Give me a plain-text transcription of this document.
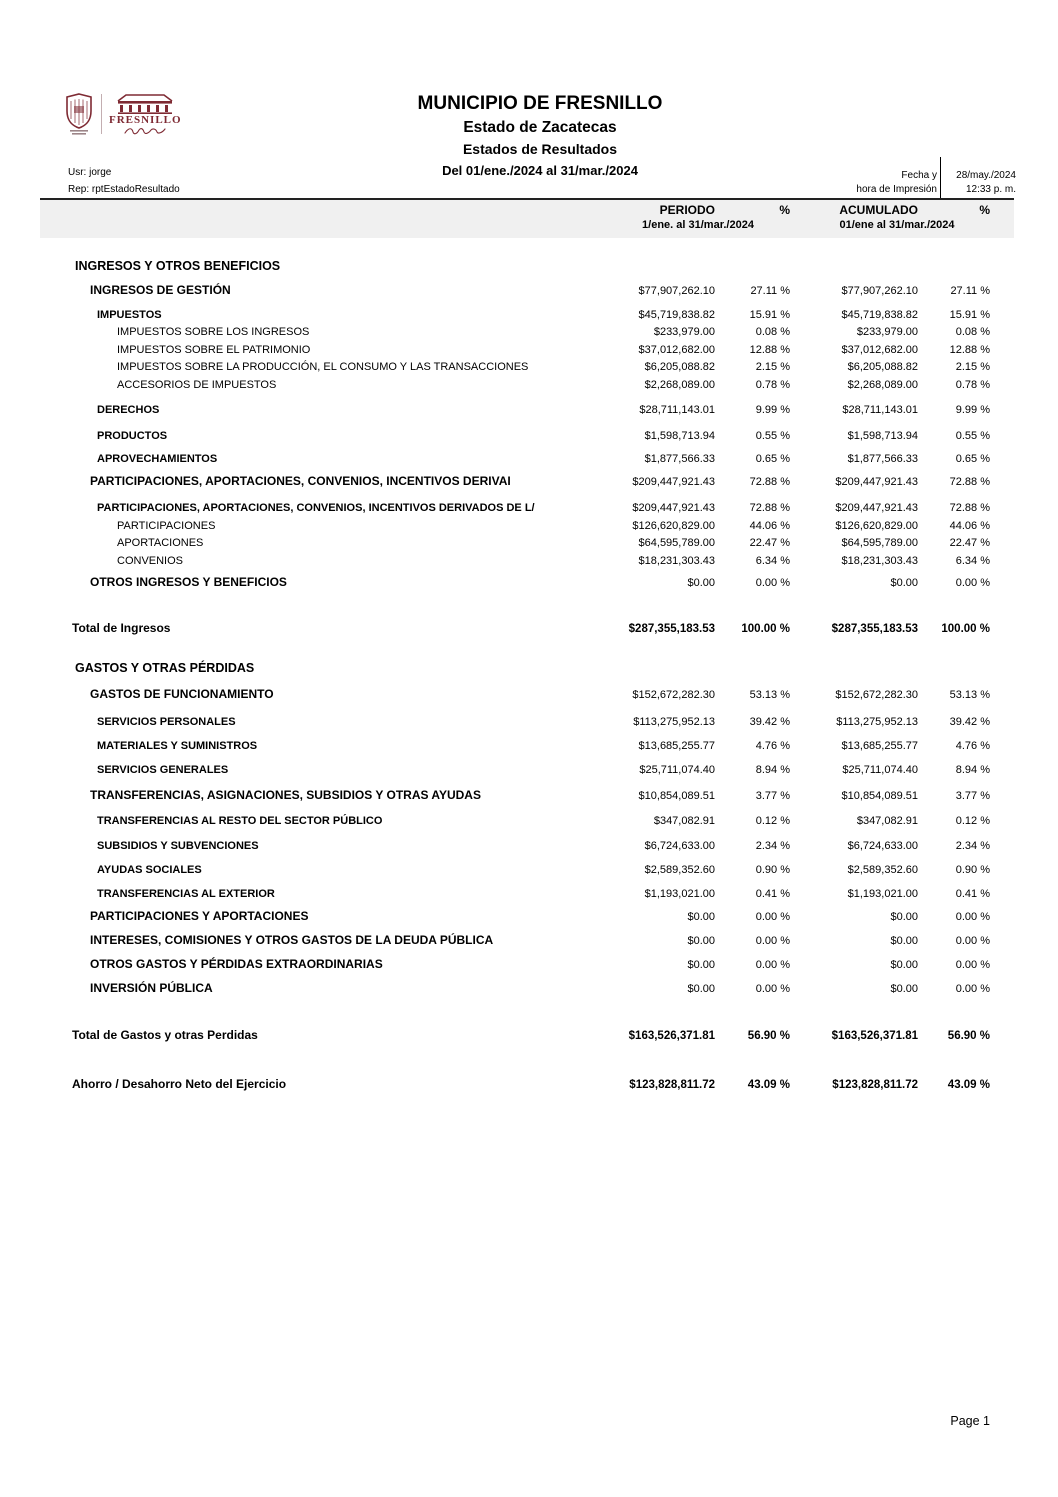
FRESNILLO
MUNICIPIO DE FRESNILLO
Estado de Zacatecas
Estados de Resultados
Del 01/ene./2024 al 31/mar./2024
Usr: jorge
Rep: rptEstadoResultado
Fecha y
hora de Impresión
28/may./2024
12:33 p. m.
PERIODO	%	ACUMULADO	%
1/ene. al 31/mar./2024	01/ene al 31/mar./2024
INGRESOS Y OTROS BENEFICIOS
INGRESOS DE GESTIÓN	$77,907,262.10	27.11 %	$77,907,262.10	27.11 %
IMPUESTOS	$45,719,838.82	15.91 %	$45,719,838.82	15.91 %
IMPUESTOS SOBRE LOS INGRESOS	$233,979.00	0.08 %	$233,979.00	0.08 %
IMPUESTOS SOBRE EL PATRIMONIO	$37,012,682.00	12.88 %	$37,012,682.00	12.88 %
IMPUESTOS SOBRE LA PRODUCCIÓN, EL CONSUMO Y LAS TRANSACCIONES	$6,205,088.82	2.15 %	$6,205,088.82	2.15 %
ACCESORIOS DE IMPUESTOS	$2,268,089.00	0.78 %	$2,268,089.00	0.78 %
DERECHOS	$28,711,143.01	9.99 %	$28,711,143.01	9.99 %
PRODUCTOS	$1,598,713.94	0.55 %	$1,598,713.94	0.55 %
APROVECHAMIENTOS	$1,877,566.33	0.65 %	$1,877,566.33	0.65 %
PARTICIPACIONES, APORTACIONES, CONVENIOS, INCENTIVOS DERIVAI	$209,447,921.43	72.88 %	$209,447,921.43	72.88 %
PARTICIPACIONES, APORTACIONES, CONVENIOS, INCENTIVOS DERIVADOS DE L/	$209,447,921.43	72.88 %	$209,447,921.43	72.88 %
PARTICIPACIONES	$126,620,829.00	44.06 %	$126,620,829.00	44.06 %
APORTACIONES	$64,595,789.00	22.47 %	$64,595,789.00	22.47 %
CONVENIOS	$18,231,303.43	6.34 %	$18,231,303.43	6.34 %
OTROS INGRESOS Y BENEFICIOS	$0.00	0.00 %	$0.00	0.00 %
Total de Ingresos	$287,355,183.53	100.00 %	$287,355,183.53	100.00 %
GASTOS Y OTRAS PÉRDIDAS
GASTOS DE FUNCIONAMIENTO	$152,672,282.30	53.13 %	$152,672,282.30	53.13 %
SERVICIOS PERSONALES	$113,275,952.13	39.42 %	$113,275,952.13	39.42 %
MATERIALES Y SUMINISTROS	$13,685,255.77	4.76 %	$13,685,255.77	4.76 %
SERVICIOS GENERALES	$25,711,074.40	8.94 %	$25,711,074.40	8.94 %
TRANSFERENCIAS, ASIGNACIONES, SUBSIDIOS Y OTRAS AYUDAS	$10,854,089.51	3.77 %	$10,854,089.51	3.77 %
TRANSFERENCIAS AL RESTO DEL SECTOR PÚBLICO	$347,082.91	0.12 %	$347,082.91	0.12 %
SUBSIDIOS Y SUBVENCIONES	$6,724,633.00	2.34 %	$6,724,633.00	2.34 %
AYUDAS SOCIALES	$2,589,352.60	0.90 %	$2,589,352.60	0.90 %
TRANSFERENCIAS AL EXTERIOR	$1,193,021.00	0.41 %	$1,193,021.00	0.41 %
PARTICIPACIONES Y APORTACIONES	$0.00	0.00 %	$0.00	0.00 %
INTERESES, COMISIONES Y OTROS GASTOS DE LA DEUDA PÚBLICA	$0.00	0.00 %	$0.00	0.00 %
OTROS GASTOS Y PÉRDIDAS EXTRAORDINARIAS	$0.00	0.00 %	$0.00	0.00 %
INVERSIÓN PÚBLICA	$0.00	0.00 %	$0.00	0.00 %
Total de Gastos y otras Perdidas	$163,526,371.81	56.90 %	$163,526,371.81	56.90 %
Ahorro / Desahorro Neto del Ejercicio	$123,828,811.72	43.09 %	$123,828,811.72	43.09 %
Page 1
